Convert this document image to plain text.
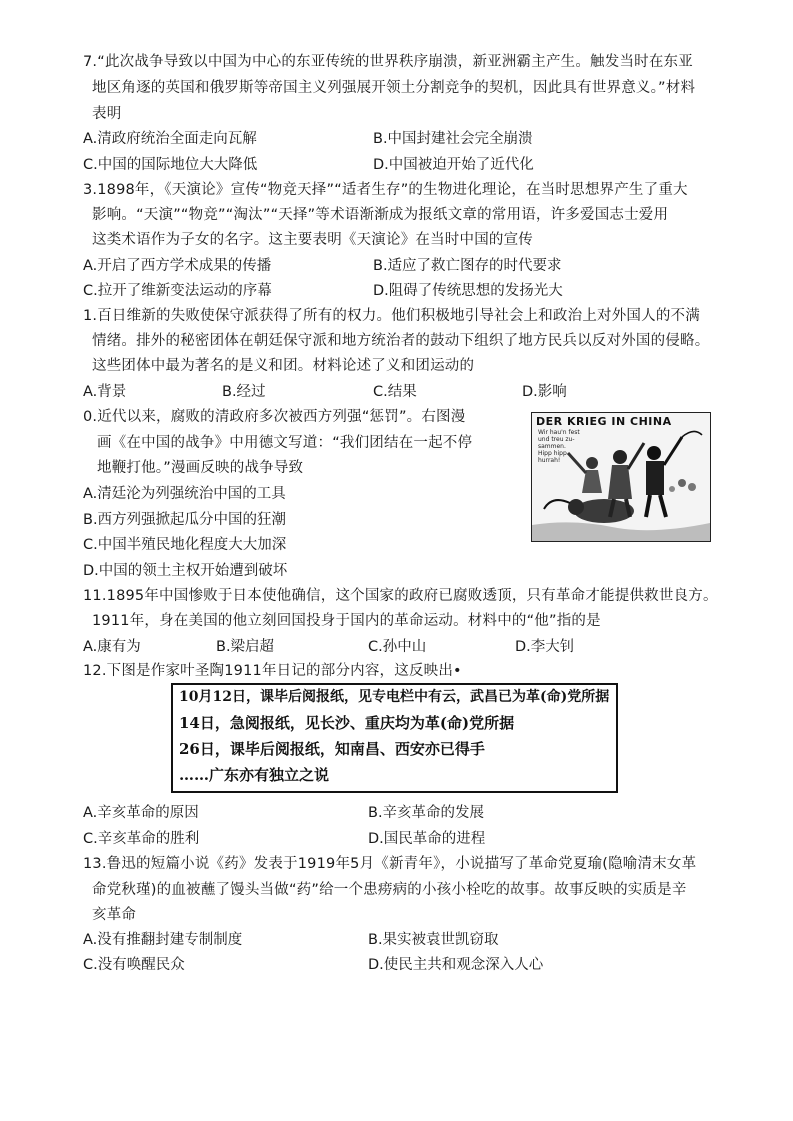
7.“此次战争导致以中国为中心的东亚传统的世界秩序崩溃，新亚洲霸主产生。触发当时在东亚
地区角逐的英国和俄罗斯等帝国主义列强展开领土分割竞争的契机，因此具有世界意义。”材料
表明
A.清政府统治全面走向瓦解	B.中国封建社会完全崩溃
C.中国的国际地位大大降低	D.中国被迫开始了近代化
3.1898年，《天演论》宣传“物竞天择”“适者生存”的生物进化理论，在当时思想界产生了重大
影响。“天演”“物竞”“淘汰”“天择”等术语渐渐成为报纸文章的常用语，许多爱国志士爱用
这类术语作为子女的名字。这主要表明《天演论》在当时中国的宣传
A.开启了西方学术成果的传播	B.适应了救亡图存的时代要求
C.拉开了维新变法运动的序幕	D.阻碍了传统思想的发扬光大
1.百日维新的失败使保守派获得了所有的权力。他们积极地引导社会上和政治上对外国人的不满
情绪。排外的秘密团体在朝廷保守派和地方统治者的鼓动下组织了地方民兵以反对外国的侵略。
这些团体中最为著名的是义和团。材料论述了义和团运动的
A.背景	B.经过	C.结果	D.影响
0.近代以来，腐败的清政府多次被西方列强“惩罚”。右图漫
画《在中国的战争》中用德文写道：“我们团结在一起不停
地鞭打他。”漫画反映的战争导致
A.清廷沦为列强统治中国的工具
B.西方列强掀起瓜分中国的狂潮
C.中国半殖民地化程度大大加深
D.中国的领土主权开始遭到破坏
DER KRIEG IN CHINA
Wir hau'n fest
und treu zu-
sammen.
Hipp hipp
hurrah!
11.1895年中国惨败于日本使他确信，这个国家的政府已腐败透顶，只有革命才能提供救世良方。
1911年，身在美国的他立刻回国投身于国内的革命运动。材料中的“他”指的是
A.康有为	B.梁启超	C.孙中山	D.李大钊
12.下图是作家叶圣陶1911年日记的部分内容，这反映出•
10月12日，课毕后阅报纸，见专电栏中有云，武昌已为革(命)党所据
14日，急阅报纸，见长沙、重庆均为革(命)党所据
26日，课毕后阅报纸，知南昌、西安亦已得手
……广东亦有独立之说
A.辛亥革命的原因	B.辛亥革命的发展
C.辛亥革命的胜利	D.国民革命的进程
13.鲁迅的短篇小说《药》发表于1919年5月《新青年》，小说描写了革命党夏瑜(隐喻清末女革
命党秋瑾)的血被蘸了馒头当做“药”给一个患痨病的小孩小栓吃的故事。故事反映的实质是辛
亥革命
A.没有推翻封建专制制度	B.果实被袁世凯窃取
C.没有唤醒民众	D.使民主共和观念深入人心
